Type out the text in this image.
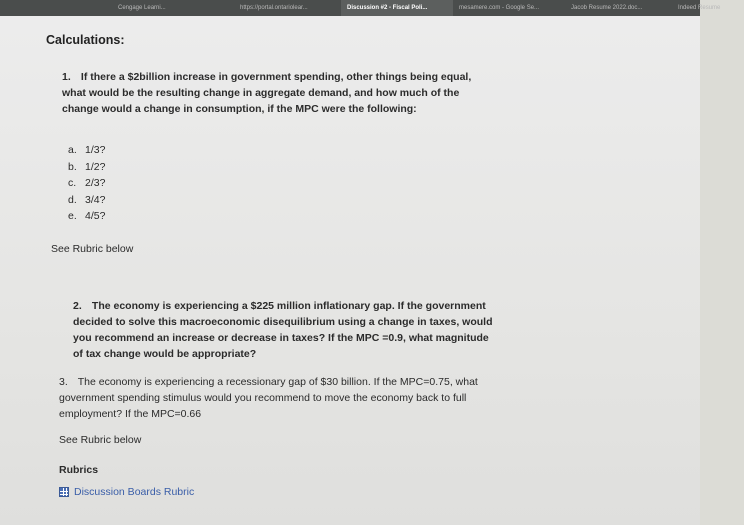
Cengage Learni...	https://portal.ontariolear...	Discussion #2 - Fiscal Poli...	mesamere.com - Google Se...	Jacob Resume 2022.doc...	Indeed Resume
Calculations:
1. If there a $2billion increase in government spending, other things being equal, what would be the resulting change in aggregate demand, and how much of the change would a change in consumption, if the MPC were the following:
a. 1/3?
b. 1/2?
c. 2/3?
d. 3/4?
e. 4/5?
See Rubric below
2. The economy is experiencing a $225 million inflationary gap. If the government decided to solve this macroeconomic disequilibrium using a change in taxes, would you recommend an increase or decrease in taxes? If the MPC =0.9, what magnitude of tax change would be appropriate?
3. The economy is experiencing a recessionary gap of $30 billion. If the MPC=0.75, what government spending stimulus would you recommend to move the economy back to full employment? If the MPC=0.66
See Rubric below
Rubrics
Discussion Boards Rubric
